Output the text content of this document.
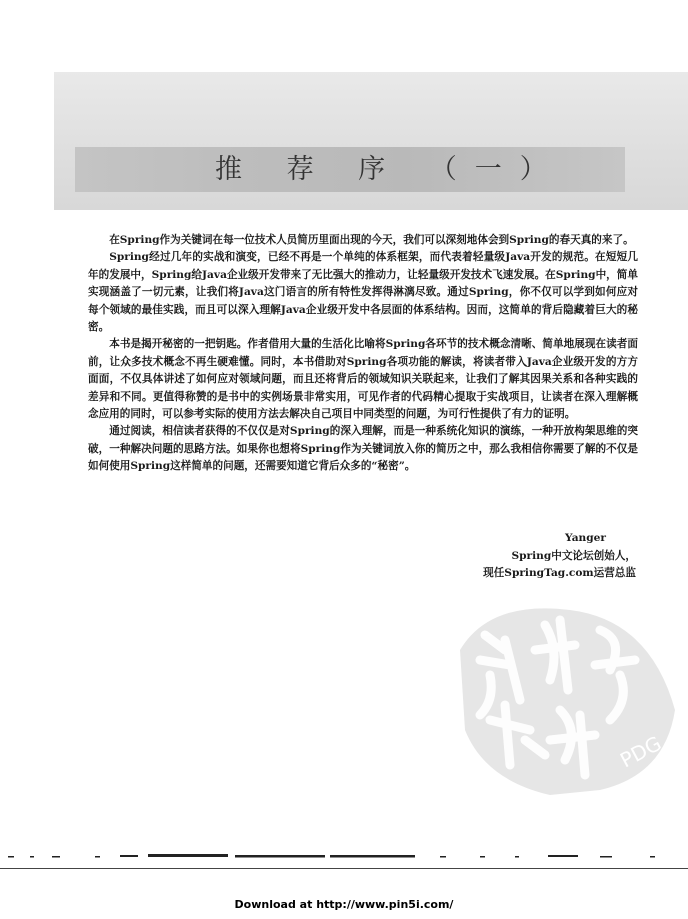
推 荐 序 （一）

在Spring作为关键词在每一位技术人员简历里面出现的今天，我们可以深刻地体会到Spring的春天真的来了。

Spring经过几年的实战和演变，已经不再是一个单纯的体系框架，而代表着轻量级Java开发的规范。在短短几年的发展中，Spring给Java企业级开发带来了无比强大的推动力，让轻量级开发技术飞速发展。在Spring中，简单实现涵盖了一切元素，让我们将Java这门语言的所有特性发挥得淋漓尽致。通过Spring，你不仅可以学到如何应对每个领域的最佳实践，而且可以深入理解Java企业级开发中各层面的体系结构。因而，这简单的背后隐藏着巨大的秘密。

本书是揭开秘密的一把钥匙。作者借用大量的生活化比喻将Spring各环节的技术概念清晰、简单地展现在读者面前，让众多技术概念不再生硬难懂。同时，本书借助对Spring各项功能的解读，将读者带入Java企业级开发的方方面面，不仅具体讲述了如何应对领域问题，而且还将背后的领域知识关联起来，让我们了解其因果关系和各种实践的差异和不同。更值得称赞的是书中的实例场景非常实用，可见作者的代码精心提取于实战项目，让读者在深入理解概念应用的同时，可以参考实际的使用方法去解决自己项目中同类型的问题，为可行性提供了有力的证明。

通过阅读，相信读者获得的不仅仅是对Spring的深入理解，而是一种系统化知识的演练，一种开放构架思维的突破，一种解决问题的思路方法。如果你也想将Spring作为关键词放入你的简历之中，那么我相信你需要了解的不仅是如何使用Spring这样简单的问题，还需要知道它背后众多的“秘密”。

Yanger
Spring中文论坛创始人，
现任SpringTag.com运营总监
PDG
Download at http://www.pin5i.com/
